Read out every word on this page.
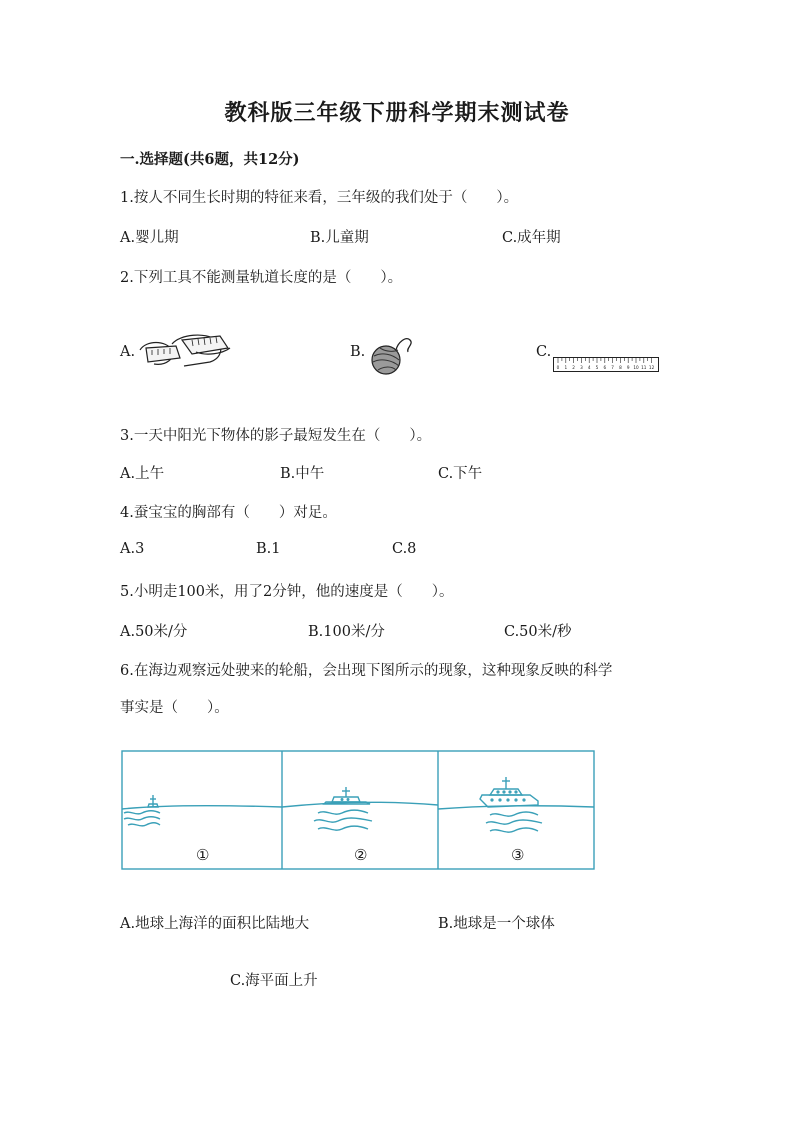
教科版三年级下册科学期末测试卷
一.选择题(共6题，共12分)
1.按人不同生长时期的特征来看，三年级的我们处于（　　）。
A.婴儿期	B.儿童期	C.成年期
2.下列工具不能测量轨道长度的是（　　）。
A.	B.	C.
0 1 2 3 4 5 6 7 8 9 10 11 12
3.一天中阳光下物体的影子最短发生在（　　）。
A.上午	B.中午	C.下午
4.蚕宝宝的胸部有（　　）对足。
A.3	B.1	C.8
5.小明走100米，用了2分钟，他的速度是（　　）。
A.50米/分	B.100米/分	C.50米/秒
6.在海边观察远处驶来的轮船，会出现下图所示的现象，这种现象反映的科学
事实是（　　）。
①	②	③
A.地球上海洋的面积比陆地大	B.地球是一个球体
C.海平面上升
